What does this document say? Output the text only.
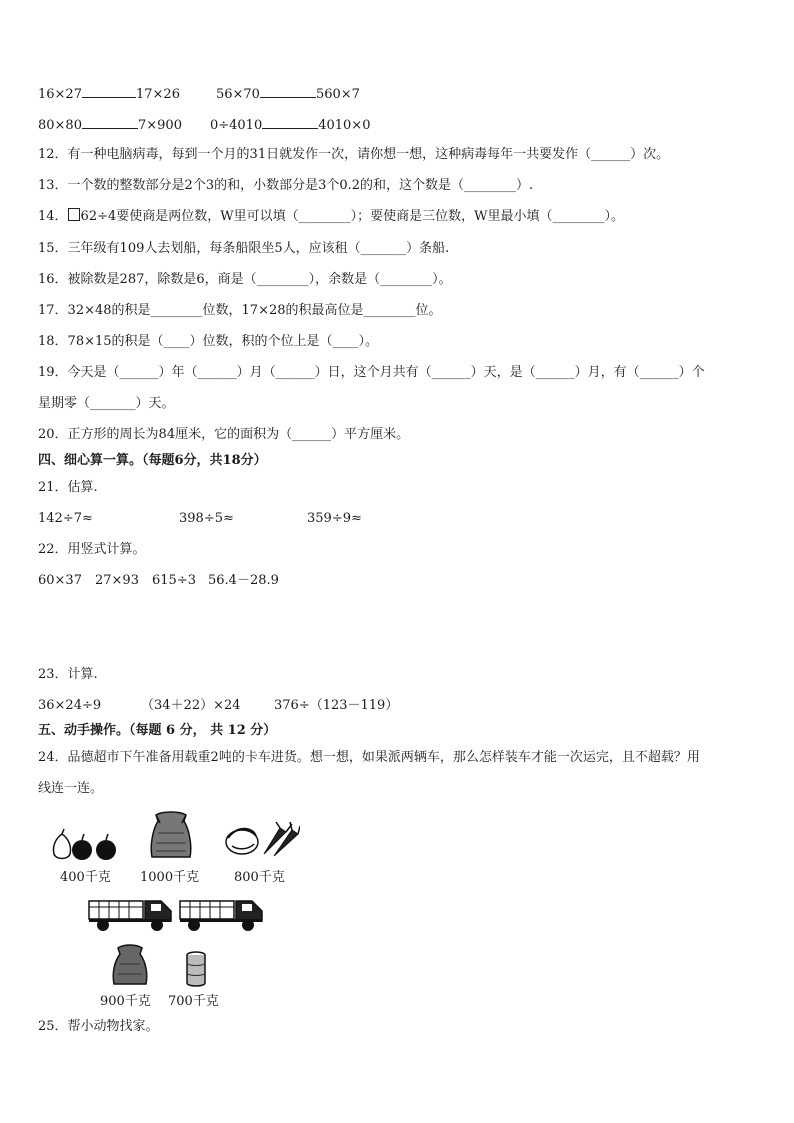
16×27	17×26	56×70	560×7
80×80	7×900 0÷4010	4010×0
12．有一种电脑病毒，每到一个月的31日就发作一次，请你想一想，这种病毒每年一共要发作（______）次。
13．一个数的整数部分是2个3的和，小数部分是3个0.2的和，这个数是（________）.
14． 62÷4要使商是两位数，W里可以填（________）；要使商是三位数，W里最小填（________）。
15．三年级有109人去划船，每条船限坐5人，应该租（_______）条船.
16．被除数是287，除数是6，商是（________），余数是（________）。
17．32×48的积是________位数，17×28的积最高位是________位。
18．78×15的积是（____）位数，积的个位上是（____）。
19．今天是（______）年（______）月（______）日，这个月共有（______）天，是（______）月，有（______）个
星期零（_______）天。
20．正方形的周长为84厘米，它的面积为（______）平方厘米。
四、细心算一算。（每题6分，共18分）
21．估算.
142÷7≈	398÷5≈	359÷9≈
22．用竖式计算。
60×37 27×93 615÷3 56.4－28.9
23．计算.
36×24÷9	（34＋22）×24	376÷（123－119）
五、动手操作。（每题 6 分， 共 12 分）
24．品德超市下午准备用载重2吨的卡车进货。想一想，如果派两辆车，那么怎样装车才能一次运完，且不超载？用
线连一连。
400千克 1000千克	800千克
900千克 700千克
25．帮小动物找家。
